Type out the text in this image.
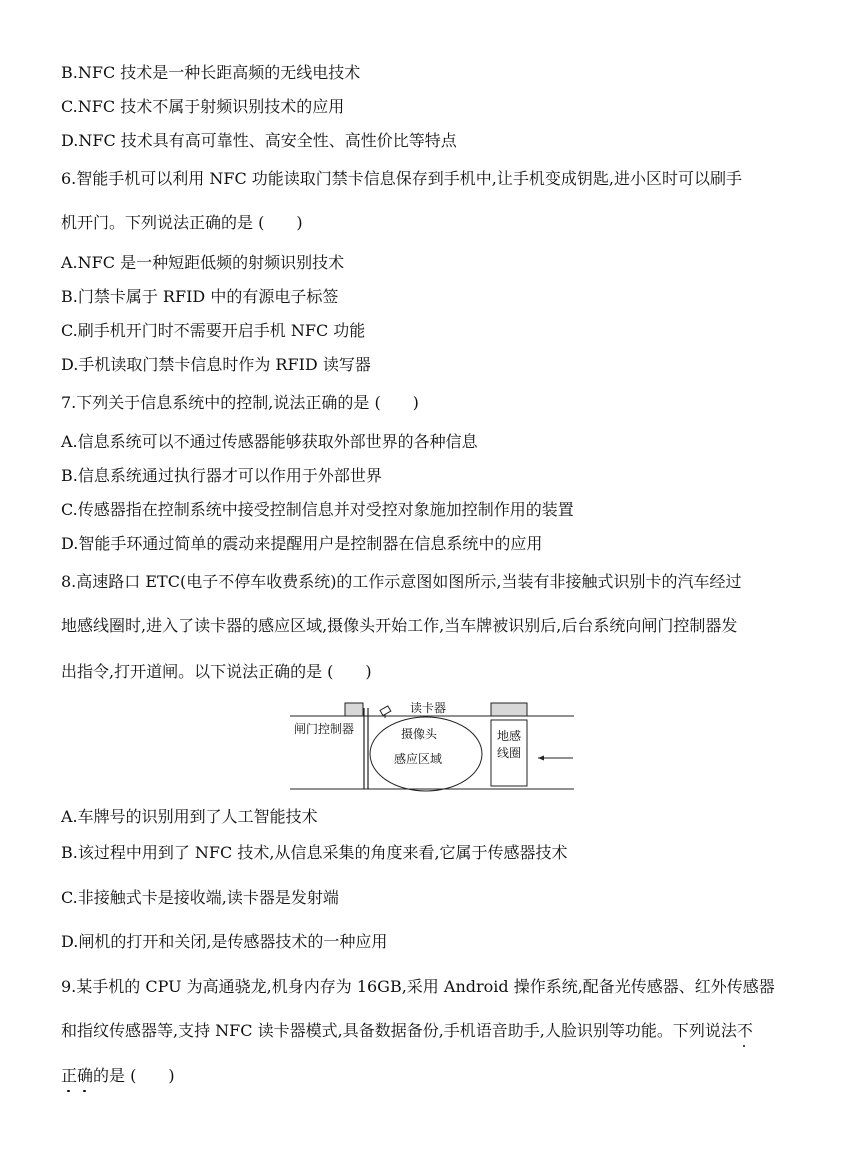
B.NFC 技术是一种长距高频的无线电技术
C.NFC 技术不属于射频识别技术的应用
D.NFC 技术具有高可靠性、高安全性、高性价比等特点
6.智能手机可以利用 NFC 功能读取门禁卡信息保存到手机中,让手机变成钥匙,进小区时可以刷手
机开门。下列说法正确的是 (　　)
A.NFC 是一种短距低频的射频识别技术
B.门禁卡属于 RFID 中的有源电子标签
C.刷手机开门时不需要开启手机 NFC 功能
D.手机读取门禁卡信息时作为 RFID 读写器
7.下列关于信息系统中的控制,说法正确的是 (　　)
A.信息系统可以不通过传感器能够获取外部世界的各种信息
B.信息系统通过执行器才可以作用于外部世界
C.传感器指在控制系统中接受控制信息并对受控对象施加控制作用的装置
D.智能手环通过简单的震动来提醒用户是控制器在信息系统中的应用
8.高速路口 ETC(电子不停车收费系统)的工作示意图如图所示,当装有非接触式识别卡的汽车经过
地感线圈时,进入了读卡器的感应区域,摄像头开始工作,当车牌被识别后,后台系统向闸门控制器发
出指令,打开道闸。以下说法正确的是 (　　)
读卡器
闸门控制器	摄像头
感应区域
地感
线圈
A.车牌号的识别用到了人工智能技术
B.该过程中用到了 NFC 技术,从信息采集的角度来看,它属于传感器技术
C.非接触式卡是接收端,读卡器是发射端
D.闸机的打开和关闭,是传感器技术的一种应用
9.某手机的 CPU 为高通骁龙,机身内存为 16GB,采用 Android 操作系统,配备光传感器、红外传感器
和指纹传感器等,支持 NFC 读卡器模式,具备数据备份,手机语音助手,人脸识别等功能。下列说法不
正确
的是 (　　)
